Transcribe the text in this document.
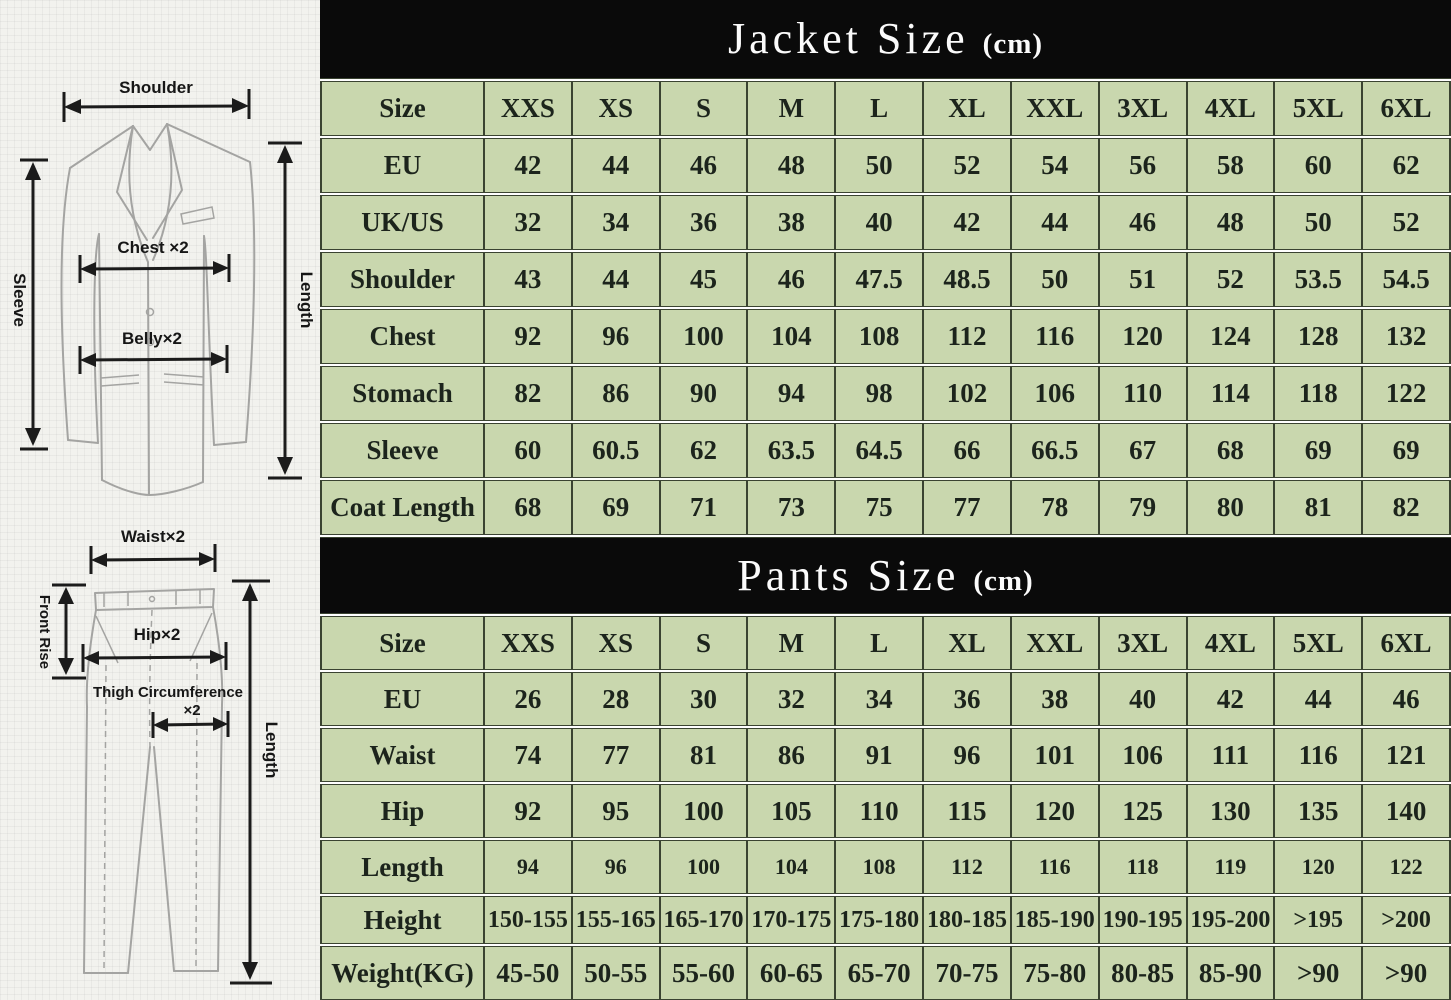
Shoulder
Chest ×2
Belly×2
Sleeve	Length
Waist×2
Front Rise	Hip×2
Thigh Circumference
×2
Length
Jacket Size (cm)
Size	XXS	XS	S	M	L	XL	XXL	3XL	4XL	5XL	6XL
EU	42	44	46	48	50	52	54	56	58	60	62
UK/US	32	34	36	38	40	42	44	46	48	50	52
Shoulder	43	44	45	46	47.5	48.5	50	51	52	53.5	54.5
Chest	92	96	100	104	108	112	116	120	124	128	132
Stomach	82	86	90	94	98	102	106	110	114	118	122
Sleeve	60	60.5	62	63.5	64.5	66	66.5	67	68	69	69
Coat Length	68	69	71	73	75	77	78	79	80	81	82
Pants Size (cm)
Size	XXS	XS	S	M	L	XL	XXL	3XL	4XL	5XL	6XL
EU	26	28	30	32	34	36	38	40	42	44	46
Waist	74	77	81	86	91	96	101	106	111	116	121
Hip	92	95	100	105	110	115	120	125	130	135	140
Length	94	96	100	104	108	112	116	118	119	120	122
Height	150-155	155-165	165-170	170-175	175-180	180-185	185-190	190-195	195-200	>195	>200
Weight(KG)	45-50	50-55	55-60	60-65	65-70	70-75	75-80	80-85	85-90	>90	>90
